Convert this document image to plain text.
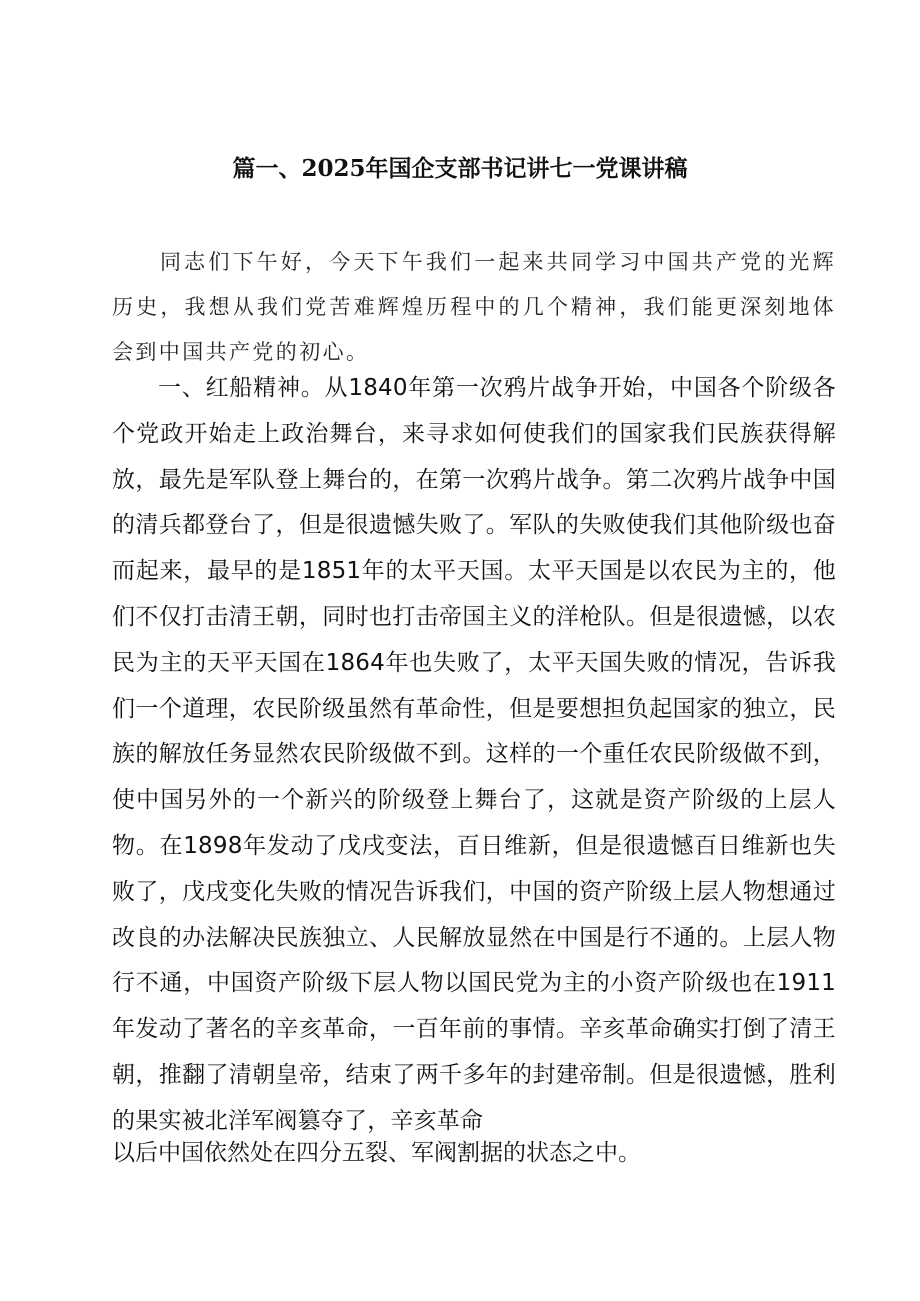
篇一、2025年国企支部书记讲七一党课讲稿

同志们下午好，今天下午我们一起来共同学习中国共产党的光辉历史，我想从我们党苦难辉煌历程中的几个精神，我们能更深刻地体会到中国共产党的初心。

一、红船精神。从1840年第一次鸦片战争开始，中国各个阶级各个党政开始走上政治舞台，来寻求如何使我们的国家我们民族获得解放，最先是军队登上舞台的，在第一次鸦片战争。第二次鸦片战争中国的清兵都登台了，但是很遗憾失败了。军队的失败使我们其他阶级也奋而起来，最早的是1851年的太平天国。太平天国是以农民为主的，他们不仅打击清王朝，同时也打击帝国主义的洋枪队。但是很遗憾，以农民为主的天平天国在1864年也失败了，太平天国失败的情况，告诉我们一个道理，农民阶级虽然有革命性，但是要想担负起国家的独立，民族的解放任务显然农民阶级做不到。这样的一个重任农民阶级做不到，使中国另外的一个新兴的阶级登上舞台了，这就是资产阶级的上层人物。在1898年发动了戊戌变法，百日维新，但是很遗憾百日维新也失败了，戊戌变化失败的情况告诉我们，中国的资产阶级上层人物想通过改良的办法解决民族独立、人民解放显然在中国是行不通的。上层人物行不通，中国资产阶级下层人物以国民党为主的小资产阶级也在1911年发动了著名的辛亥革命，一百年前的事情。辛亥革命确实打倒了清王朝，推翻了清朝皇帝，结束了两千多年的封建帝制。但是很遗憾，胜利的果实被北洋军阀篡夺了，辛亥革命

以后中国依然处在四分五裂、军阀割据的状态之中。
